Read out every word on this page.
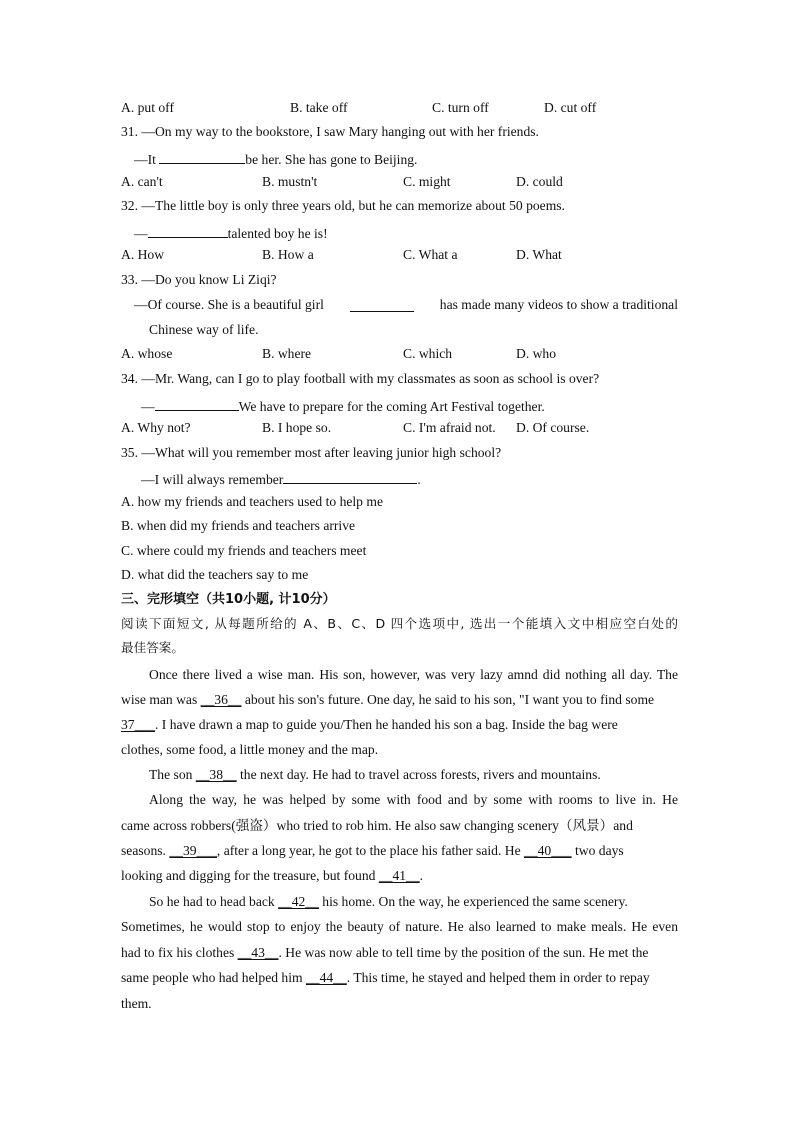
A. put off	B. take off	C. turn off	D. cut off
31. —On my way to the bookstore, I saw Mary hanging out with her friends.
—It	be her. She has gone to Beijing.
A. can't	B. mustn't	C. might	D. could
32. —The little boy is only three years old, but he can memorize about 50 poems.
—	talented boy he is!
A. How	B. How a	C. What a	D. What
33. —Do you know Li Ziqi?
—Of course. She is a beautiful girl	has made many videos to show a traditional
Chinese way of life.
A. whose	B. where	C. which	D. who
34. —Mr. Wang, can I go to play football with my classmates as soon as school is over?
—	We have to prepare for the coming Art Festival together.
A. Why not?	B. I hope so.	C. I'm afraid not. D. Of course.
35. —What will you remember most after leaving junior high school?
—I will always remember	.
A. how my friends and teachers used to help me
B. when did my friends and teachers arrive
C. where could my friends and teachers meet
D. what did the teachers say to me
三、完形填空（共10小题, 计10分）
阅读下面短文, 从每题所给的 A、B、C、D 四个选项中, 选出一个能填入文中相应空白处的
最佳答案。
Once there lived a wise man. His son, however, was very lazy amnd did nothing all day. The
wise man was __36__ about his son's future. One day, he said to his son, "I want you to find some
37___. I have drawn a map to guide you/Then he handed his son a bag. Inside the bag were
clothes, some food, a little money and the map.
The son __38__ the next day. He had to travel across forests, rivers and mountains.
Along the way, he was helped by some with food and by some with rooms to live in. He
came across robbers(强盗）who tried to rob him. He also saw changing scenery（风景）and
seasons. __39___, after a long year, he got to the place his father said. He __40___ two days
looking and digging for the treasure, but found __41__.
So he had to head back __42__ his home. On the way, he experienced the same scenery.
Sometimes, he would stop to enjoy the beauty of nature. He also learned to make meals. He even
had to fix his clothes __43__. He was now able to tell time by the position of the sun. He met the
same people who had helped him __44__. This time, he stayed and helped them in order to repay
them.
